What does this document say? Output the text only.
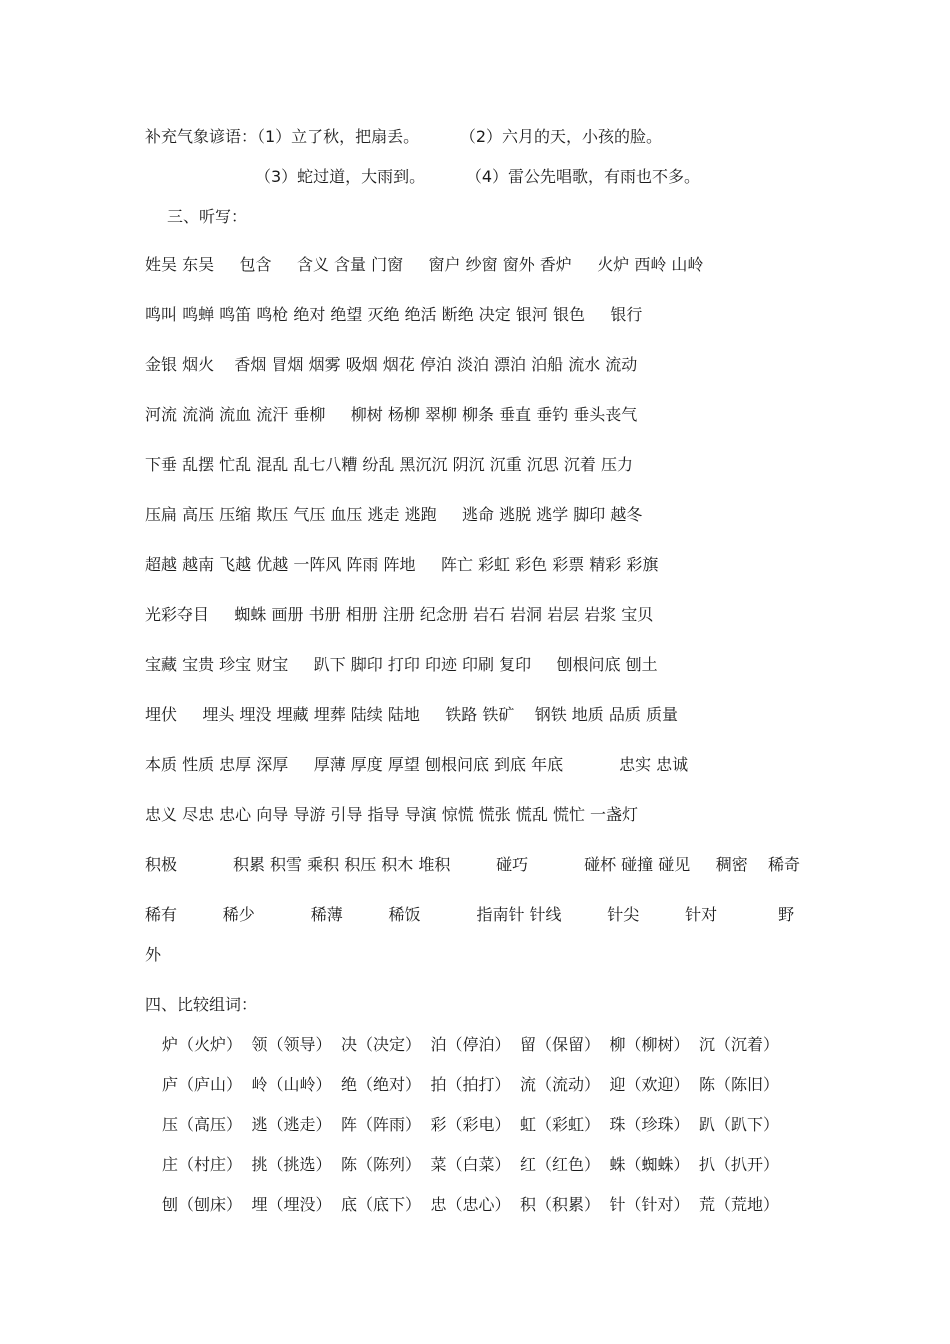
补充气象谚语：（1）立了秋，把扇丢。        （2）六月的天，小孩的脸。
（3）蛇过道，大雨到。        （4）雷公先唱歌，有雨也不多。
三、听写：
姓吴 东吴     包含     含义 含量 门窗     窗户 纱窗 窗外 香炉     火炉 西岭 山岭
鸣叫 鸣蝉 鸣笛 鸣枪 绝对 绝望 灭绝 绝活 断绝 决定 银河 银色     银行
金银 烟火    香烟 冒烟 烟雾 吸烟 烟花 停泊 淡泊 漂泊 泊船 流水 流动
河流 流淌 流血 流汗 垂柳     柳树 杨柳 翠柳 柳条 垂直 垂钓 垂头丧气
下垂 乱摆 忙乱 混乱 乱七八糟 纷乱 黑沉沉 阴沉 沉重 沉思 沉着 压力
压扁 高压 压缩 欺压 气压 血压 逃走 逃跑     逃命 逃脱 逃学 脚印 越冬
超越 越南 飞越 优越 一阵风 阵雨 阵地     阵亡 彩虹 彩色 彩票 精彩 彩旗
光彩夺目     蜘蛛 画册 书册 相册 注册 纪念册 岩石 岩洞 岩层 岩浆 宝贝
宝藏 宝贵 珍宝 财宝     趴下 脚印 打印 印迹 印刷 复印     刨根问底 刨土
埋伏     埋头 埋没 埋藏 埋葬 陆续 陆地     铁路 铁矿    钢铁 地质 品质 质量
本质 性质 忠厚 深厚     厚薄 厚度 厚望 刨根问底 到底 年底           忠实 忠诚
忠义 尽忠 忠心 向导 导游 引导 指导 导演 惊慌 慌张 慌乱 慌忙 一盏灯
积极           积累 积雪 乘积 积压 积木 堆积         碰巧           碰杯 碰撞 碰见     稠密    稀奇
稀有         稀少           稀薄         稀饭           指南针 针线         针尖         针对            野
外
四、比较组词：
炉（火炉） 领（领导） 决（决定） 泊（停泊） 留（保留） 柳（柳树） 沉（沉着）
庐（庐山） 岭（山岭） 绝（绝对） 拍（拍打） 流（流动） 迎（欢迎） 陈（陈旧）
压（高压） 逃（逃走） 阵（阵雨） 彩（彩电） 虹（彩虹） 珠（珍珠） 趴（趴下）
庄（村庄） 挑（挑选） 陈（陈列） 菜（白菜） 红（红色） 蛛（蜘蛛） 扒（扒开）
刨（刨床） 埋（埋没） 底（底下） 忠（忠心） 积（积累） 针（针对） 荒（荒地）
